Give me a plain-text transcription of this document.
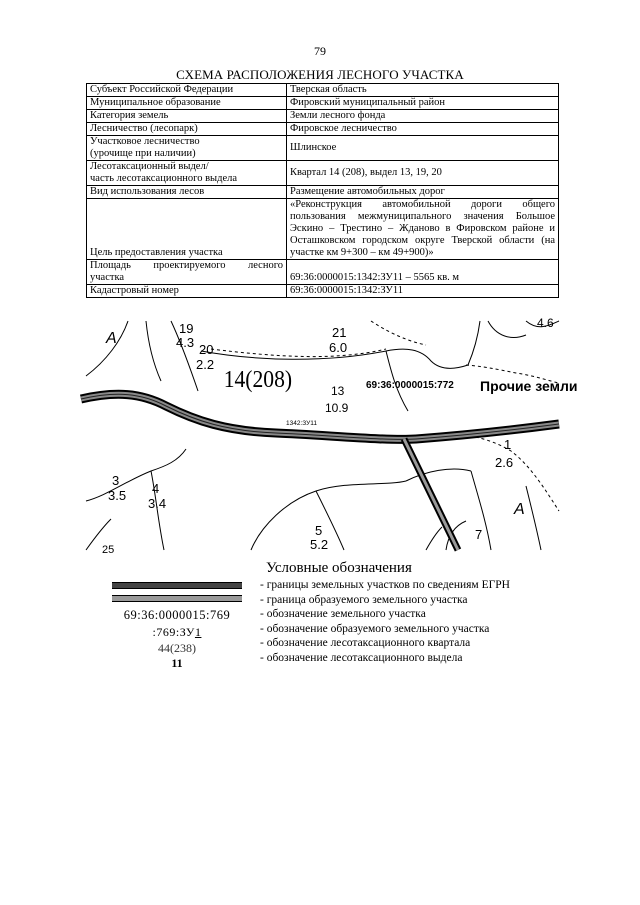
79
СХЕМА РАСПОЛОЖЕНИЯ ЛЕСНОГО УЧАСТКА
Субъект Российской Федерации	Тверская область
Муниципальное образование	Фировский муниципальный район
Категория земель	Земли лесного фонда
Лесничество (лесопарк)	Фировское лесничество

Участковое лесничество
(урочище при наличии)	Шлинское

Лесотаксационный выдел/
часть лесотаксационного выдела	Квартал 14 (208), выдел 13, 19, 20
Вид использования лесов	Размещение автомобильных дорог
Цель предоставления участка	«Реконструкция автомобильной дороги общего
пользования межмуниципального значения Большое
Эскино – Трестино – Жданово в Фировском районе и
Осташковском городском округе Тверской области (на
участке км 9+300 – км 49+900)»

Площадь проектируемого лесного
участка	69:36:0000015:1342:ЗУ11 – 5565 кв. м
Кадастровый номер	69:36:0000015:1342:ЗУ11
А
19
4.3 20
2.2
21
6.0
4.6
14(208)	13
10.9
69:36:0000015:772 Прочие земли
1342:ЗУ11
1
2.6
А
3
3.5 4
3.4
5
5.2
7
25
Условные обозначения
69:36:0000015:769
:769:ЗУ1
44(238)
11
- границы земельных участков по сведениям ЕГРН
- граница образуемого земельного участка
- обозначение земельного участка
- обозначение образуемого земельного участка
- обозначение лесотаксационного квартала
- обозначение лесотаксационного выдела
